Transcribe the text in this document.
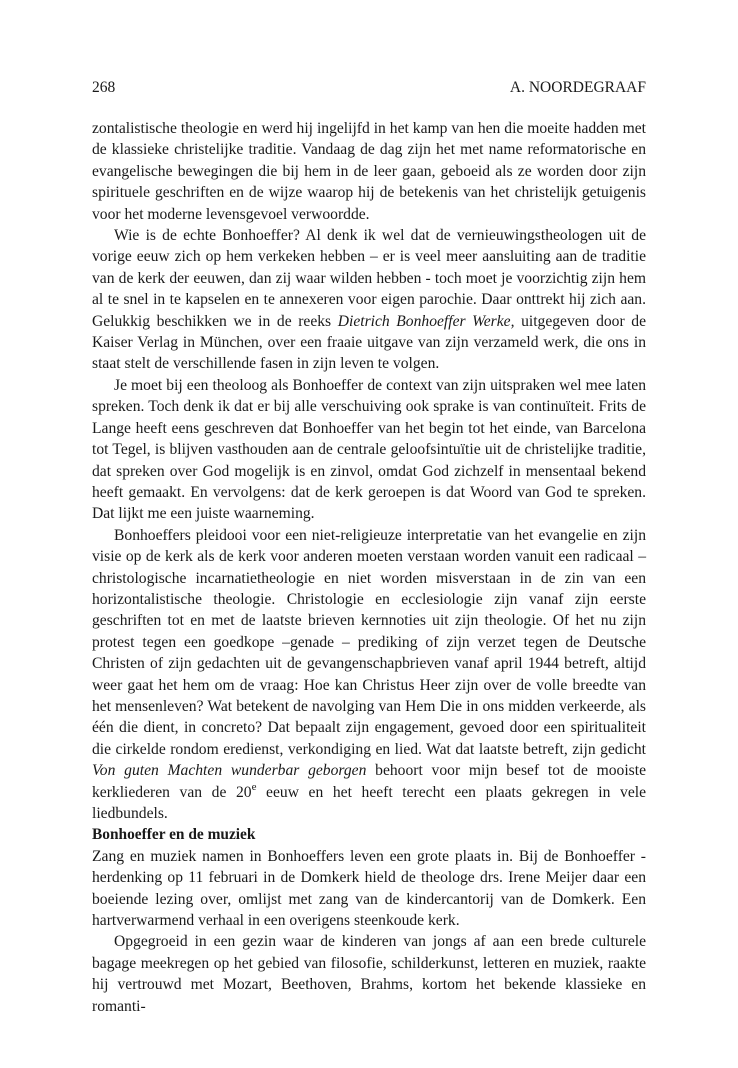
268	A. NOORDEGRAAF

zontalistische theologie en werd hij ingelijfd in het kamp van hen die moeite hadden met de klassieke christelijke traditie. Vandaag de dag zijn het met name reformatorische en evangelische bewegingen die bij hem in de leer gaan, geboeid als ze worden door zijn spirituele geschriften en de wijze waarop hij de betekenis van het christelijk getuigenis voor het moderne levensgevoel verwoordde.

Wie is de echte Bonhoeffer? Al denk ik wel dat de vernieuwingstheologen uit de vorige eeuw zich op hem verkeken hebben – er is veel meer aansluiting aan de traditie van de kerk der eeuwen, dan zij waar wilden hebben - toch moet je voorzichtig zijn hem al te snel in te kapselen en te annexeren voor eigen parochie. Daar onttrekt hij zich aan. Gelukkig beschikken we in de reeks Dietrich Bonhoeffer Werke, uitgegeven door de Kaiser Verlag in München, over een fraaie uitgave van zijn verzameld werk, die ons in staat stelt de verschillende fasen in zijn leven te volgen.

Je moet bij een theoloog als Bonhoeffer de context van zijn uitspraken wel mee laten spreken. Toch denk ik dat er bij alle verschuiving ook sprake is van continuïteit. Frits de Lange heeft eens geschreven dat Bonhoeffer van het begin tot het einde, van Barcelona tot Tegel, is blijven vasthouden aan de centrale geloofsintuïtie uit de christelijke traditie, dat spreken over God mogelijk is en zinvol, omdat God zichzelf in mensentaal bekend heeft gemaakt. En vervolgens: dat de kerk geroepen is dat Woord van God te spreken. Dat lijkt me een juiste waarneming.

Bonhoeffers pleidooi voor een niet-religieuze interpretatie van het evangelie en zijn visie op de kerk als de kerk voor anderen moeten verstaan worden vanuit een radicaal – christologische incarnatietheologie en niet worden misverstaan in de zin van een horizontalistische theologie. Christologie en ecclesiologie zijn vanaf zijn eerste geschriften tot en met de laatste brieven kernnoties uit zijn theologie. Of het nu zijn protest tegen een goedkope –genade – prediking of zijn verzet tegen de Deutsche Christen of zijn gedachten uit de gevangenschapbrieven vanaf april 1944 betreft, altijd weer gaat het hem om de vraag: Hoe kan Christus Heer zijn over de volle breedte van het mensenleven? Wat betekent de navolging van Hem Die in ons midden verkeerde, als één die dient, in concreto? Dat bepaalt zijn engagement, gevoed door een spiritualiteit die cirkelde rondom eredienst, verkondiging en lied. Wat dat laatste betreft, zijn gedicht Von guten Machten wunderbar geborgen behoort voor mijn besef tot de mooiste kerkliederen van de 20e eeuw en het heeft terecht een plaats gekregen in vele liedbundels.

Bonhoeffer en de muziek

Zang en muziek namen in Bonhoeffers leven een grote plaats in. Bij de Bonhoeffer - herdenking op 11 februari in de Domkerk hield de theologe drs. Irene Meijer daar een boeiende lezing over, omlijst met zang van de kindercantorij van de Domkerk. Een hartverwarmend verhaal in een overigens steenkoude kerk.

Opgegroeid in een gezin waar de kinderen van jongs af aan een brede culturele bagage meekregen op het gebied van filosofie, schilderkunst, letteren en muziek, raakte hij vertrouwd met Mozart, Beethoven, Brahms, kortom het bekende klassieke en romanti-
